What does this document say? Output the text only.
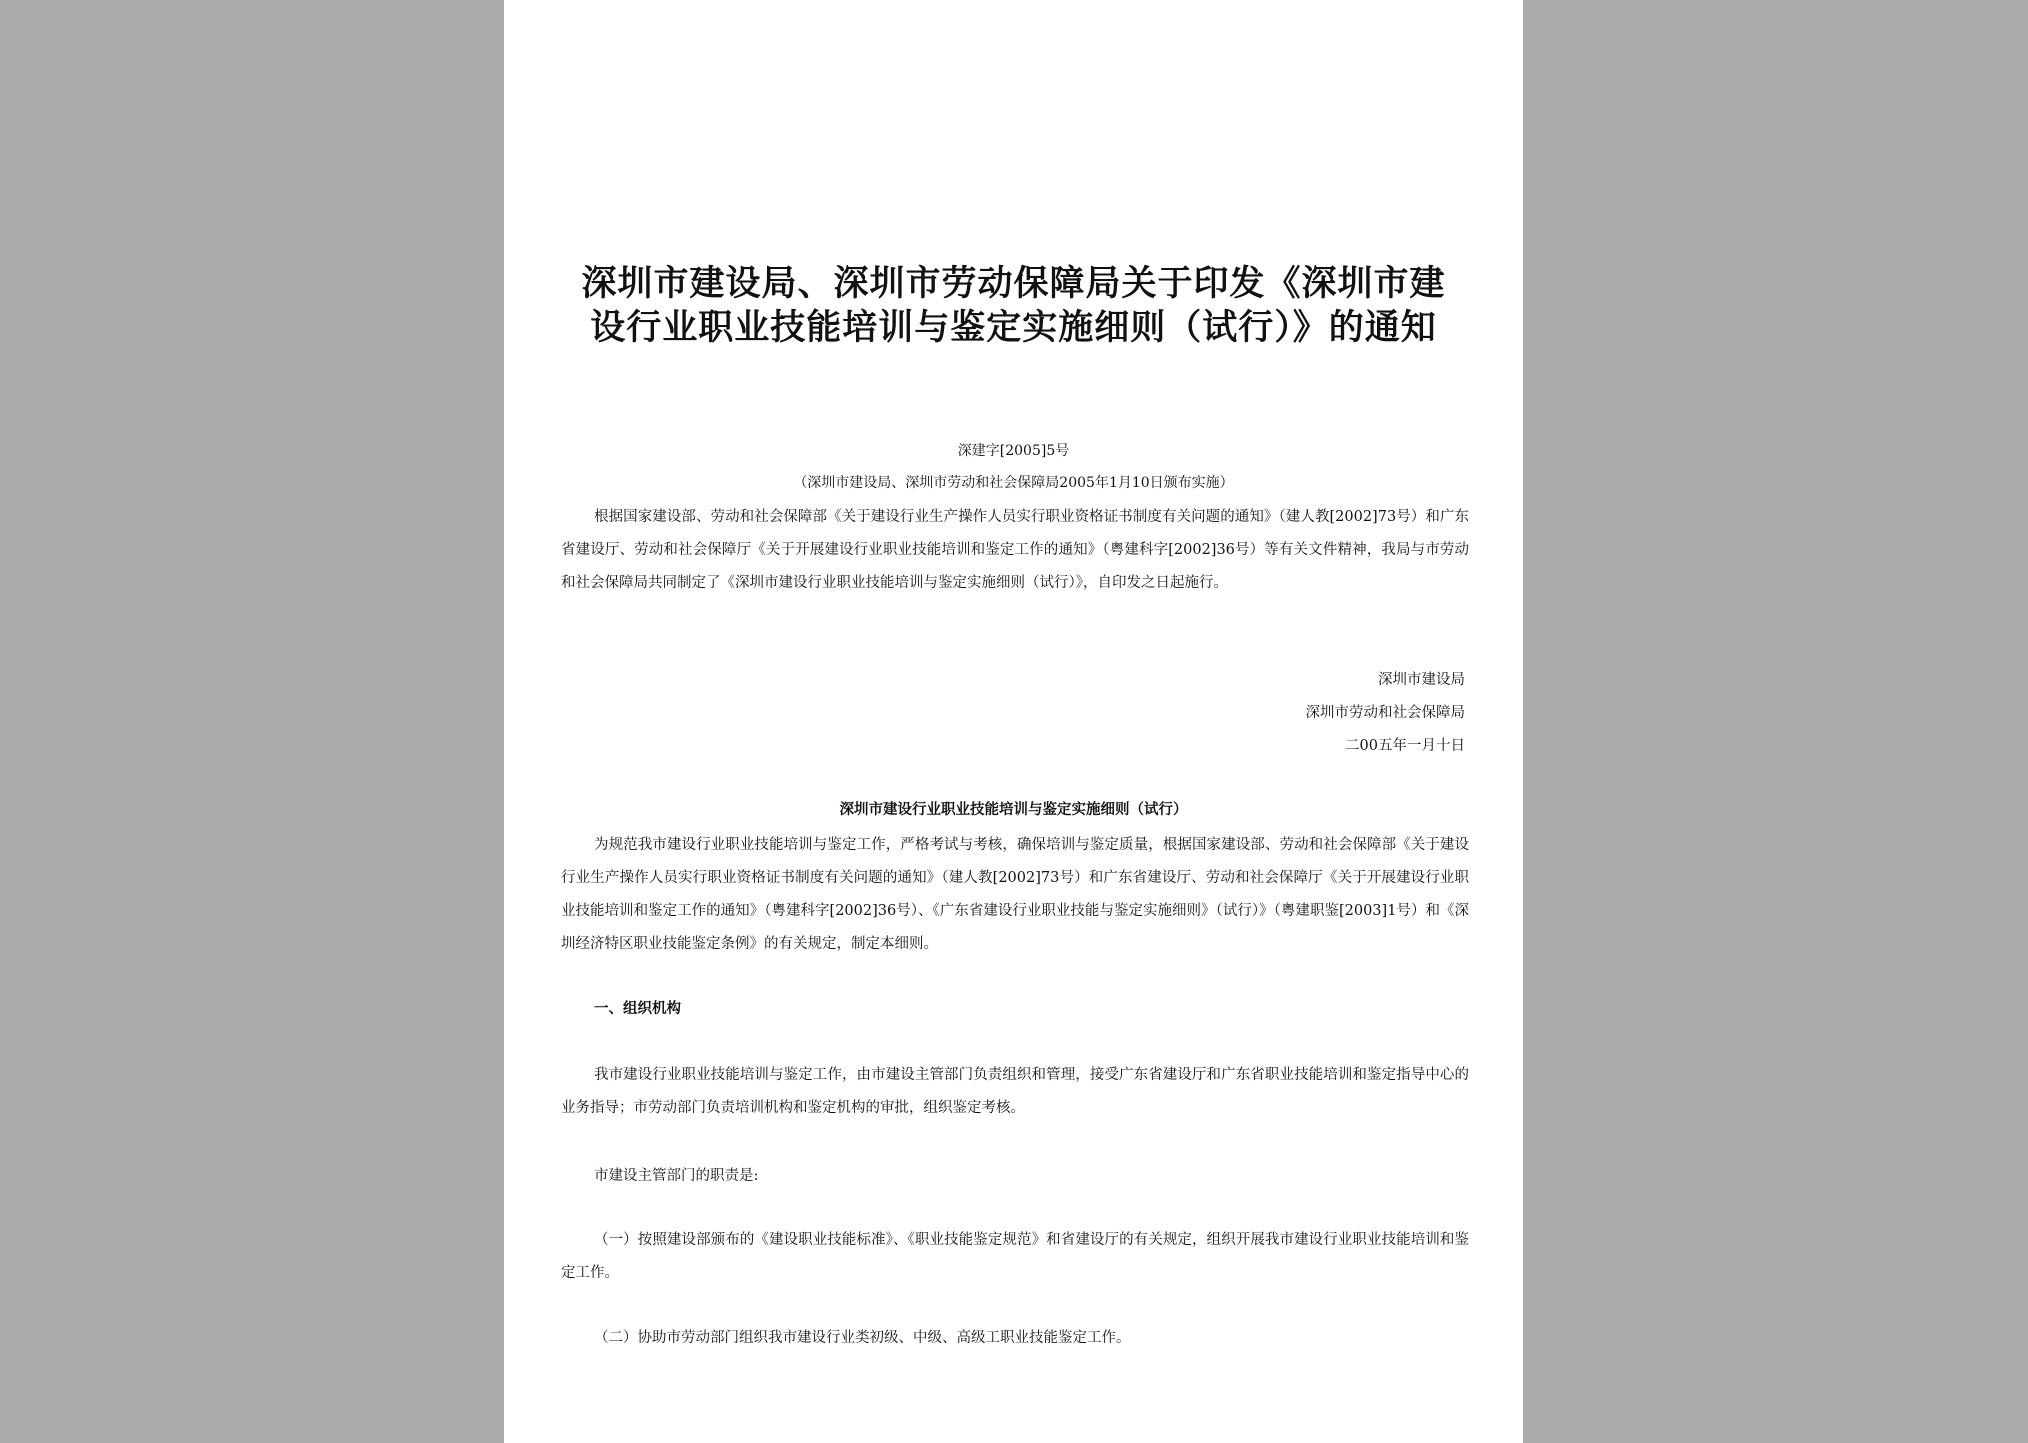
深圳市建设局、深圳市劳动保障局关于印发《深圳市建
设行业职业技能培训与鉴定实施细则（试行）》的通知
深建字[2005]5号
（深圳市建设局、深圳市劳动和社会保障局2005年1月10日颁布实施）

根据国家建设部、劳动和社会保障部《关于建设行业生产操作人员实行职业资格证书制度有关问题的通知》（建人教[2002]73号）和广东省建设厅、劳动和社会保障厅《关于开展建设行业职业技能培训和鉴定工作的通知》（粤建科字[2002]36号）等有关文件精神，我局与市劳动和社会保障局共同制定了《深圳市建设行业职业技能培训与鉴定实施细则（试行）》，自印发之日起施行。

深圳市建设局
深圳市劳动和社会保障局
二00五年一月十日
深圳市建设行业职业技能培训与鉴定实施细则（试行）

为规范我市建设行业职业技能培训与鉴定工作，严格考试与考核，确保培训与鉴定质量，根据国家建设部、劳动和社会保障部《关于建设行业生产操作人员实行职业资格证书制度有关问题的通知》（建人教[2002]73号）和广东省建设厅、劳动和社会保障厅《关于开展建设行业职业技能培训和鉴定工作的通知》（粤建科字[2002]36号）、《广东省建设行业职业技能与鉴定实施细则》（试行）》（粤建职鉴[2003]1号）和《深圳经济特区职业技能鉴定条例》的有关规定，制定本细则。

一、组织机构

我市建设行业职业技能培训与鉴定工作，由市建设主管部门负责组织和管理，接受广东省建设厅和广东省职业技能培训和鉴定指导中心的业务指导；市劳动部门负责培训机构和鉴定机构的审批，组织鉴定考核。

市建设主管部门的职责是:

（一）按照建设部颁布的《建设职业技能标准》、《职业技能鉴定规范》和省建设厅的有关规定，组织开展我市建设行业职业技能培训和鉴定工作。

（二）协助市劳动部门组织我市建设行业类初级、中级、高级工职业技能鉴定工作。
